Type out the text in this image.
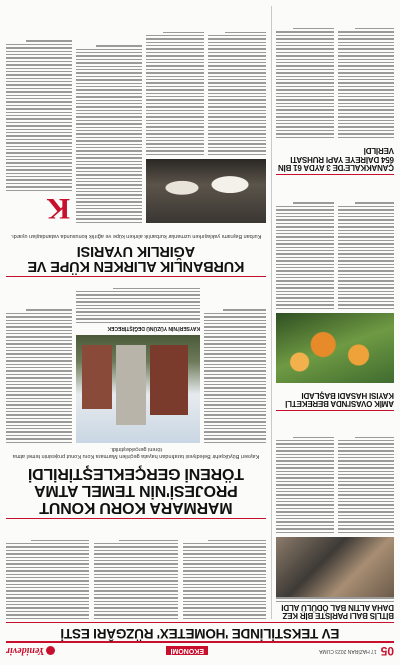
05
17 HAZİRAN 2023 CUMA
EKONOMİ
Yenidevir
EV TEKSTİLİNDE 'HOMETEX' RÜZGÂRI ESTİ
BİTLİS BALI PARİSTE BİR KEZ DAHA ALTIN BAL ÖDÜLÜ ALDI
AMİK OVASI'NDA BEREKETLİ KAYISI HASADI BAŞLADI
ÇANAKKALE'DE 3 AYDA 61 BİN 654 DAİREYE YAPI RUHSATI VERİLDİ
MARMARA KORU KONUT PROJESİ'NİN TEMEL ATMA TÖRENİ GERÇEKLEŞTİRİLDİ
Kayseri Büyükşehir Belediyesi tarafından hayata geçirilen Marmara Koru Konut projesinin temel atma töreni gerçekleştirildi.
KAYSERİ'NİN YÜZÜNÜ DEĞİŞTİRECEK
KURBANLIK ALIRKEN KÜPE VE AĞIRLIK UYARISI
Kurban Bayramı yaklaşırken uzmanlar kurbanlık alırken küpe ve ağırlık konusunda vatandaşları uyardı.
K
